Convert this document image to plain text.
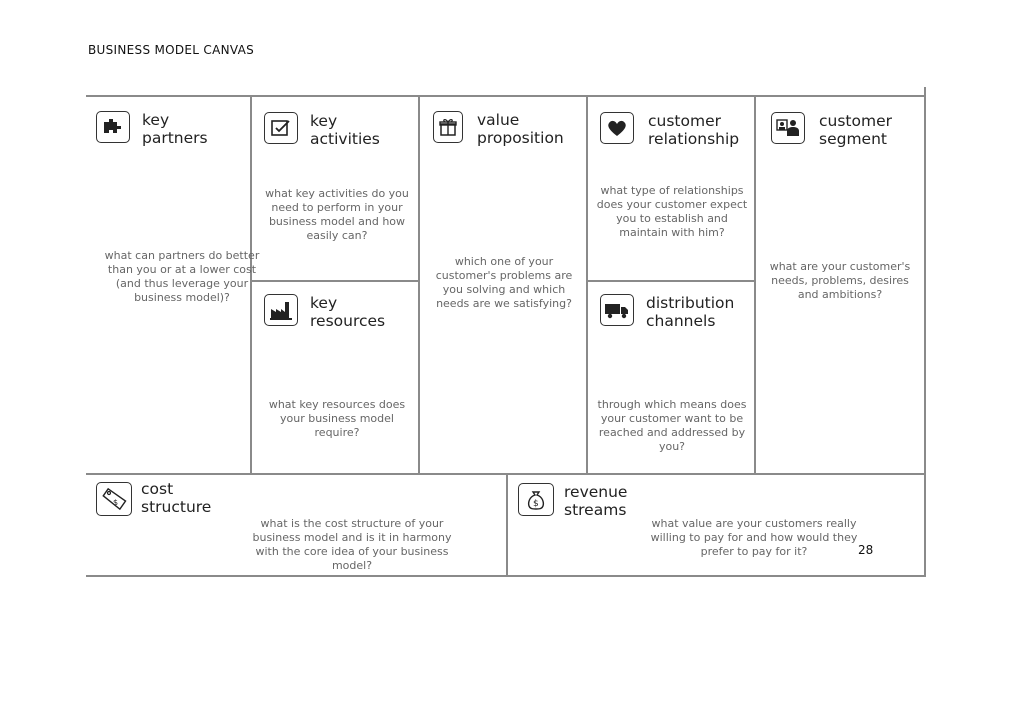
BUSINESS MODEL CANVAS
key
partners
what can partners do better than you or at a lower cost (and thus leverage your business model)?
key
activities
what key activities do you need to perform in your business model and how easily can?
key
resources
what key resources does your business model require?
value
proposition
which one of your customer's problems are you solving and which needs are we satisfying?
customer
relationship
what type of relationships does your customer expect you to establish and maintain with him?
distribution
channels
through which means does your customer want to be reached and addressed by you?
customer
segment
what are your customer's needs, problems, desires and ambitions?
$
cost
structure
what is the cost structure of your business model and is it in harmony with the core idea of your business model?
$
revenue
streams
what value are your customers really willing to pay for and how would they prefer to pay for it?	28
